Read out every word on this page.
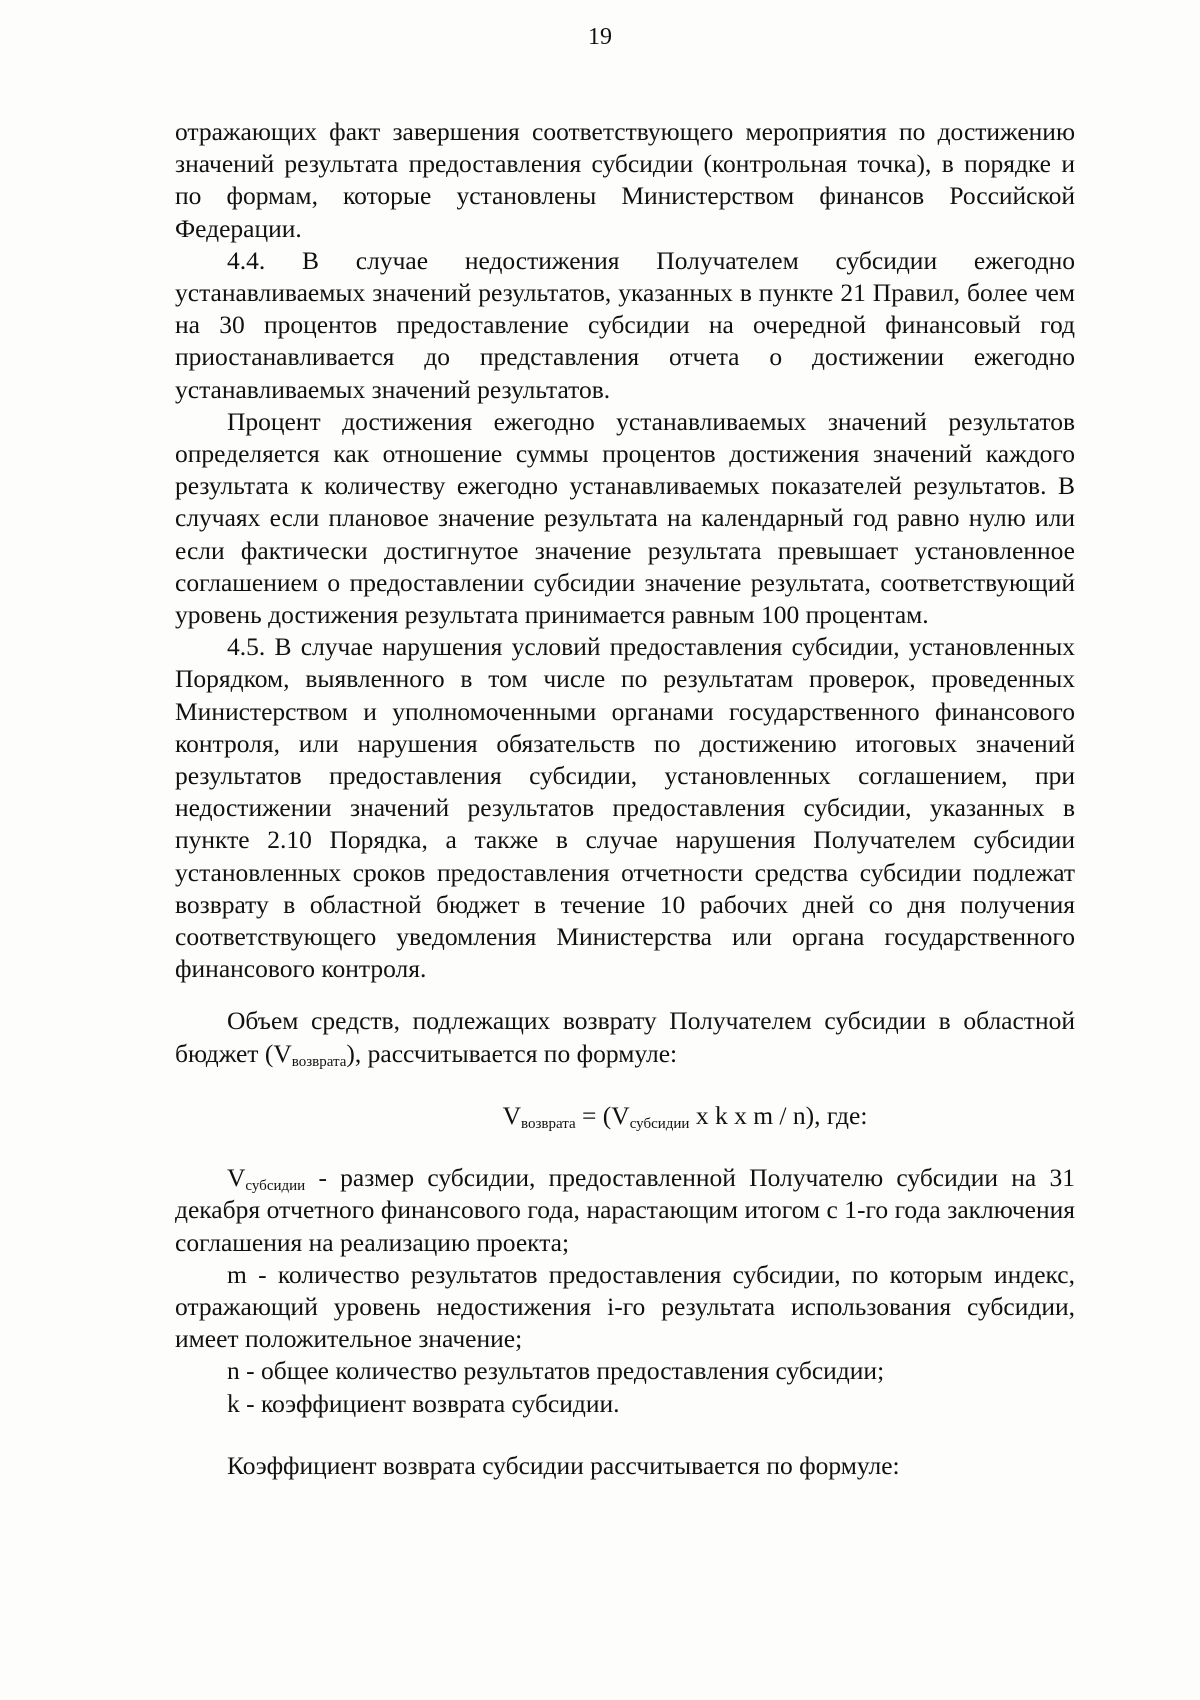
19

отражающих факт завершения соответствующего мероприятия по достижению значений результата предоставления субсидии (контрольная точка), в порядке и по формам, которые установлены Министерством финансов Российской Федерации.

4.4. В случае недостижения Получателем субсидии ежегодно устанавливаемых значений результатов, указанных в пункте 21 Правил, более чем на 30 процентов предоставление субсидии на очередной финансовый год приостанавливается до представления отчета о достижении ежегодно устанавливаемых значений результатов.

Процент достижения ежегодно устанавливаемых значений результатов определяется как отношение суммы процентов достижения значений каждого результата к количеству ежегодно устанавливаемых показателей результатов. В случаях если плановое значение результата на календарный год равно нулю или если фактически достигнутое значение результата превышает установленное соглашением о предоставлении субсидии значение результата, соответствующий уровень достижения результата принимается равным 100 процентам.

4.5. В случае нарушения условий предоставления субсидии, установленных Порядком, выявленного в том числе по результатам проверок, проведенных Министерством и уполномоченными органами государственного финансового контроля, или нарушения обязательств по достижению итоговых значений результатов предоставления субсидии, установленных соглашением, при недостижении значений результатов предоставления субсидии, указанных в пункте 2.10 Порядка, а также в случае нарушения Получателем субсидии установленных сроков предоставления отчетности средства субсидии подлежат возврату в областной бюджет в течение 10 рабочих дней со дня получения соответствующего уведомления Министерства или органа государственного финансового контроля.

Объем средств, подлежащих возврату Получателем субсидии в областной бюджет $(V_{возврата})$, рассчитывается по формуле:

$V_{возврата} = (V_{субсидии}$ x k x m / n), где:

$V_{субсидии}$ - размер субсидии, предоставленной Получателю субсидии на 31 декабря отчетного финансового года, нарастающим итогом с 1-го года заключения соглашения на реализацию проекта;

m - количество результатов предоставления субсидии, по которым индекс, отражающий уровень недостижения i-го результата использования субсидии, имеет положительное значение;

n - общее количество результатов предоставления субсидии;

k - коэффициент возврата субсидии.

Коэффициент возврата субсидии рассчитывается по формуле:
